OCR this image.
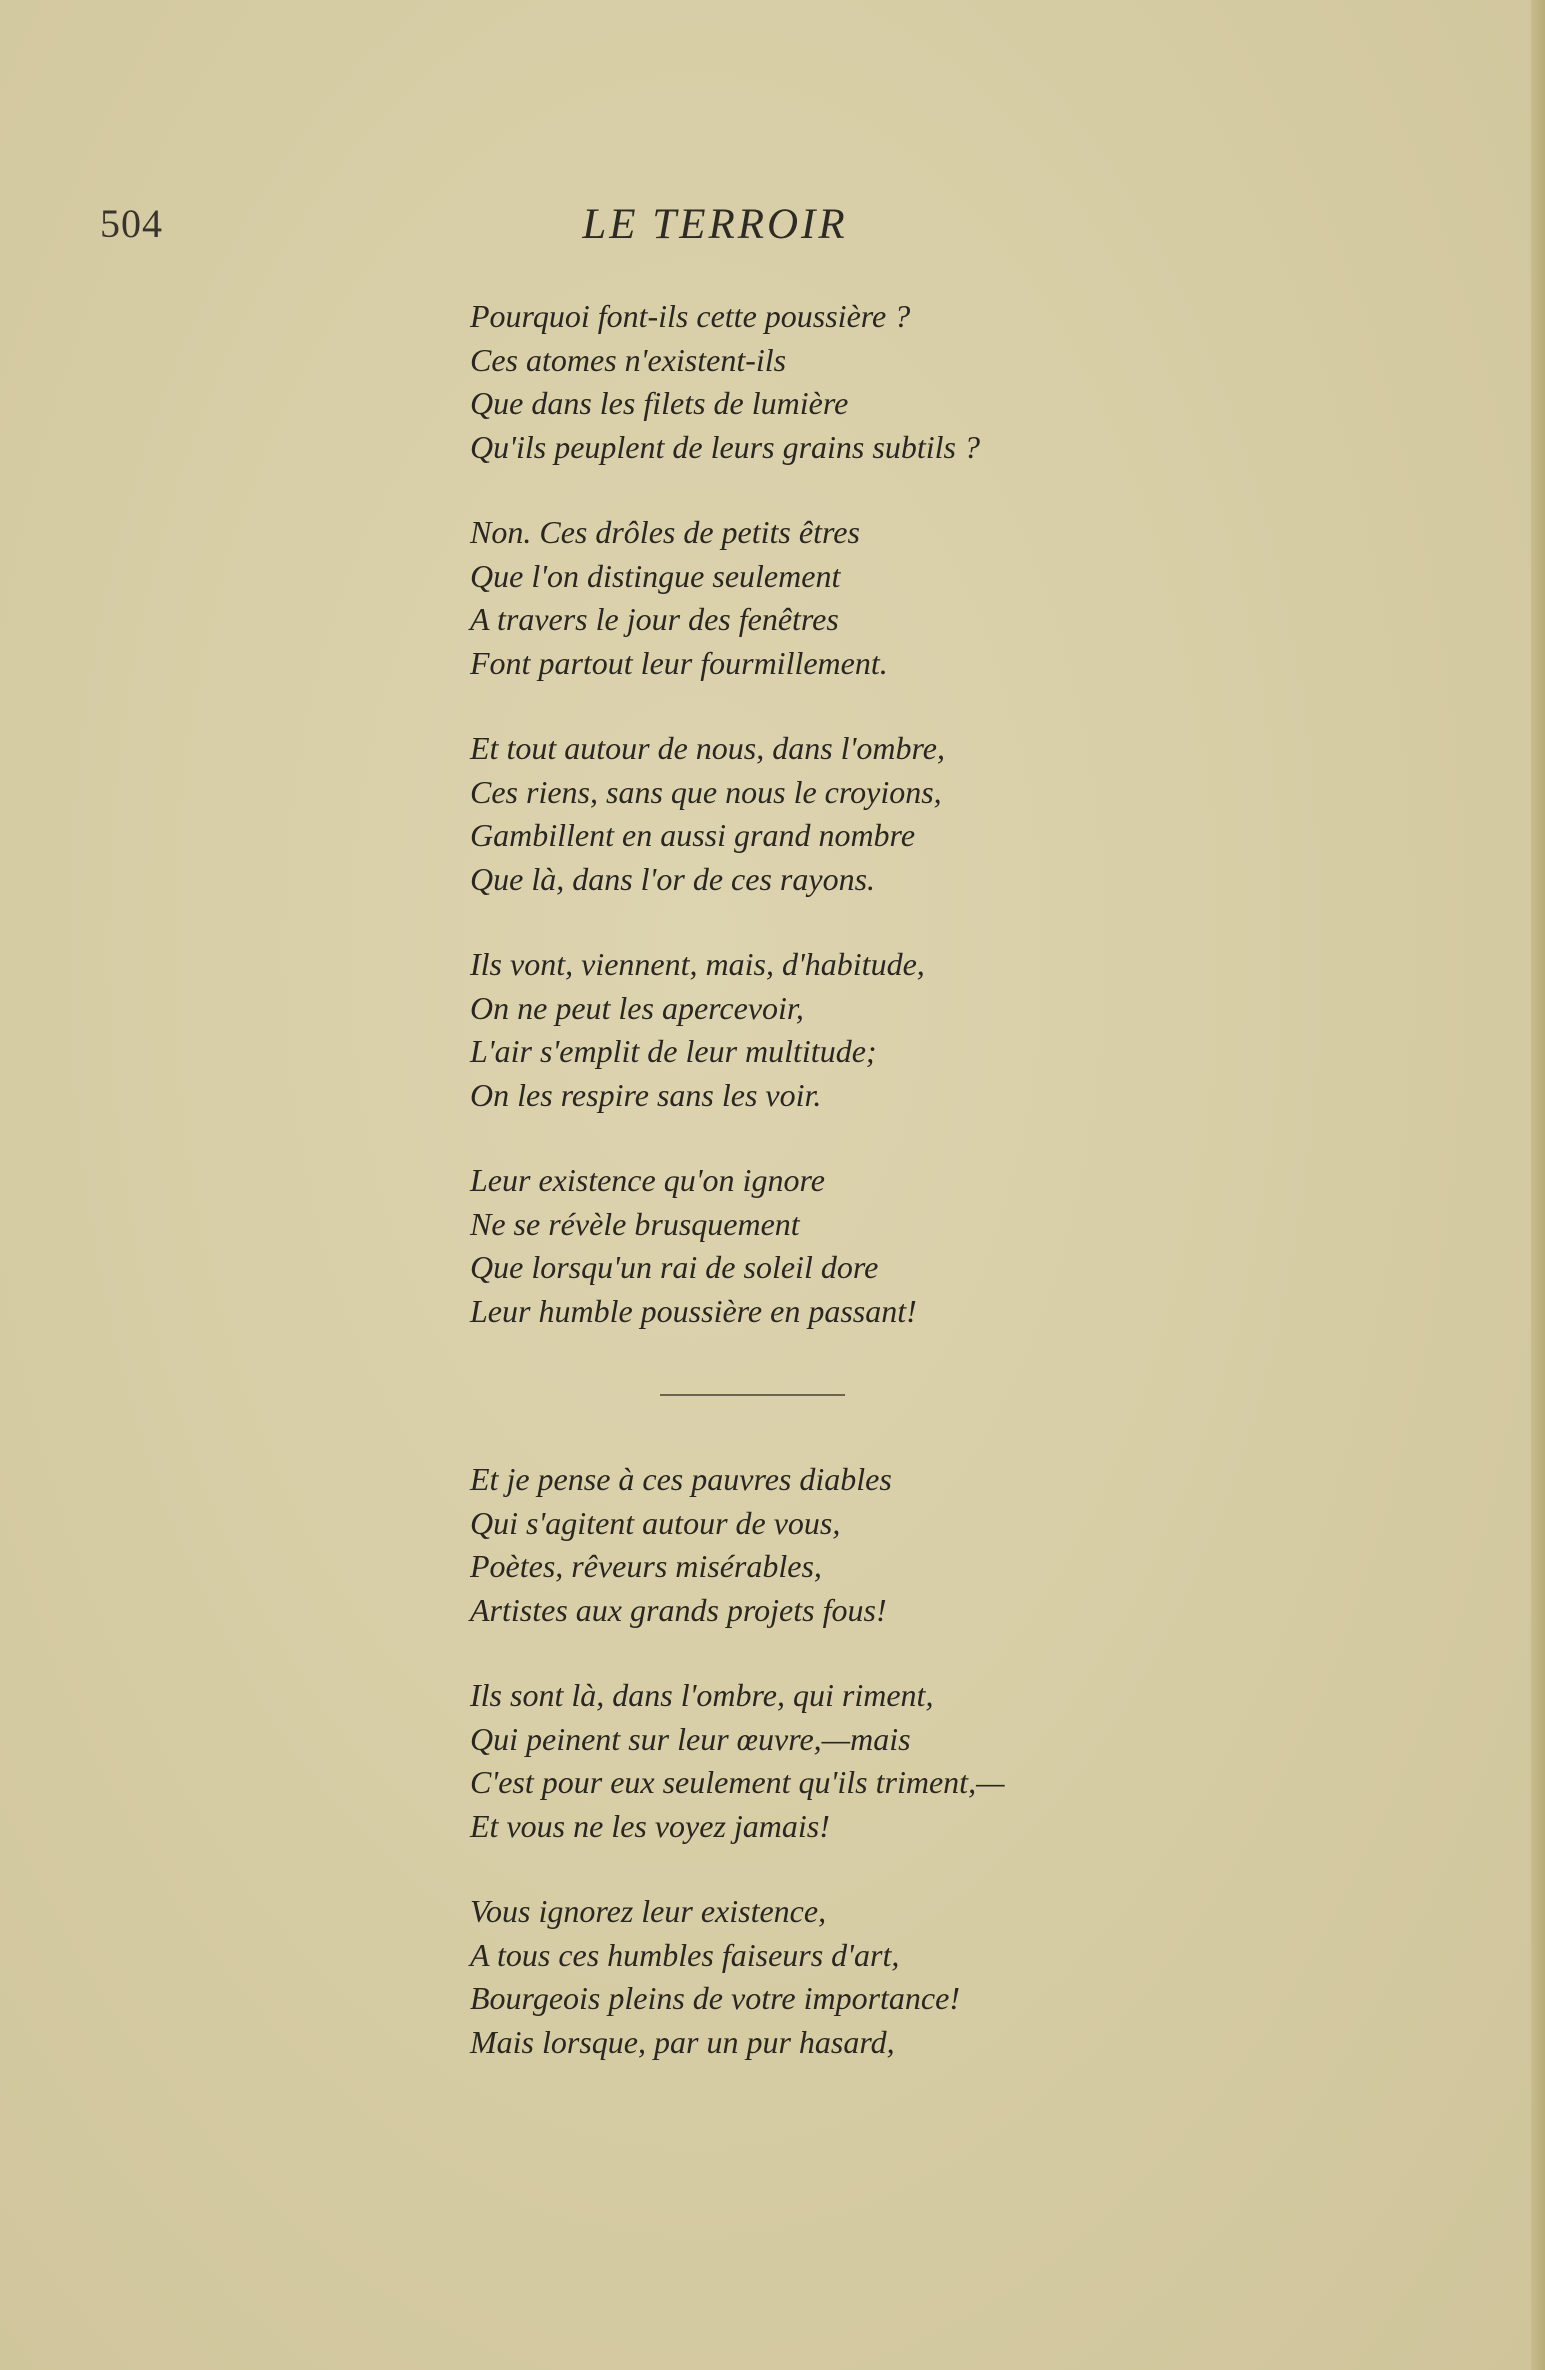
504	LE TERROIR
Pourquoi font-ils cette poussière ?
Ces atomes n'existent-ils
Que dans les filets de lumière
Qu'ils peuplent de leurs grains subtils ?
Non. Ces drôles de petits êtres
Que l'on distingue seulement
A travers le jour des fenêtres
Font partout leur fourmillement.
Et tout autour de nous, dans l'ombre,
Ces riens, sans que nous le croyions,
Gambillent en aussi grand nombre
Que là, dans l'or de ces rayons.
Ils vont, viennent, mais, d'habitude,
On ne peut les apercevoir,
L'air s'emplit de leur multitude;
On les respire sans les voir.
Leur existence qu'on ignore
Ne se révèle brusquement
Que lorsqu'un rai de soleil dore
Leur humble poussière en passant!
Et je pense à ces pauvres diables
Qui s'agitent autour de vous,
Poètes, rêveurs misérables,
Artistes aux grands projets fous!
Ils sont là, dans l'ombre, qui riment,
Qui peinent sur leur œuvre,—mais
C'est pour eux seulement qu'ils triment,—
Et vous ne les voyez jamais!
Vous ignorez leur existence,
A tous ces humbles faiseurs d'art,
Bourgeois pleins de votre importance!
Mais lorsque, par un pur hasard,
